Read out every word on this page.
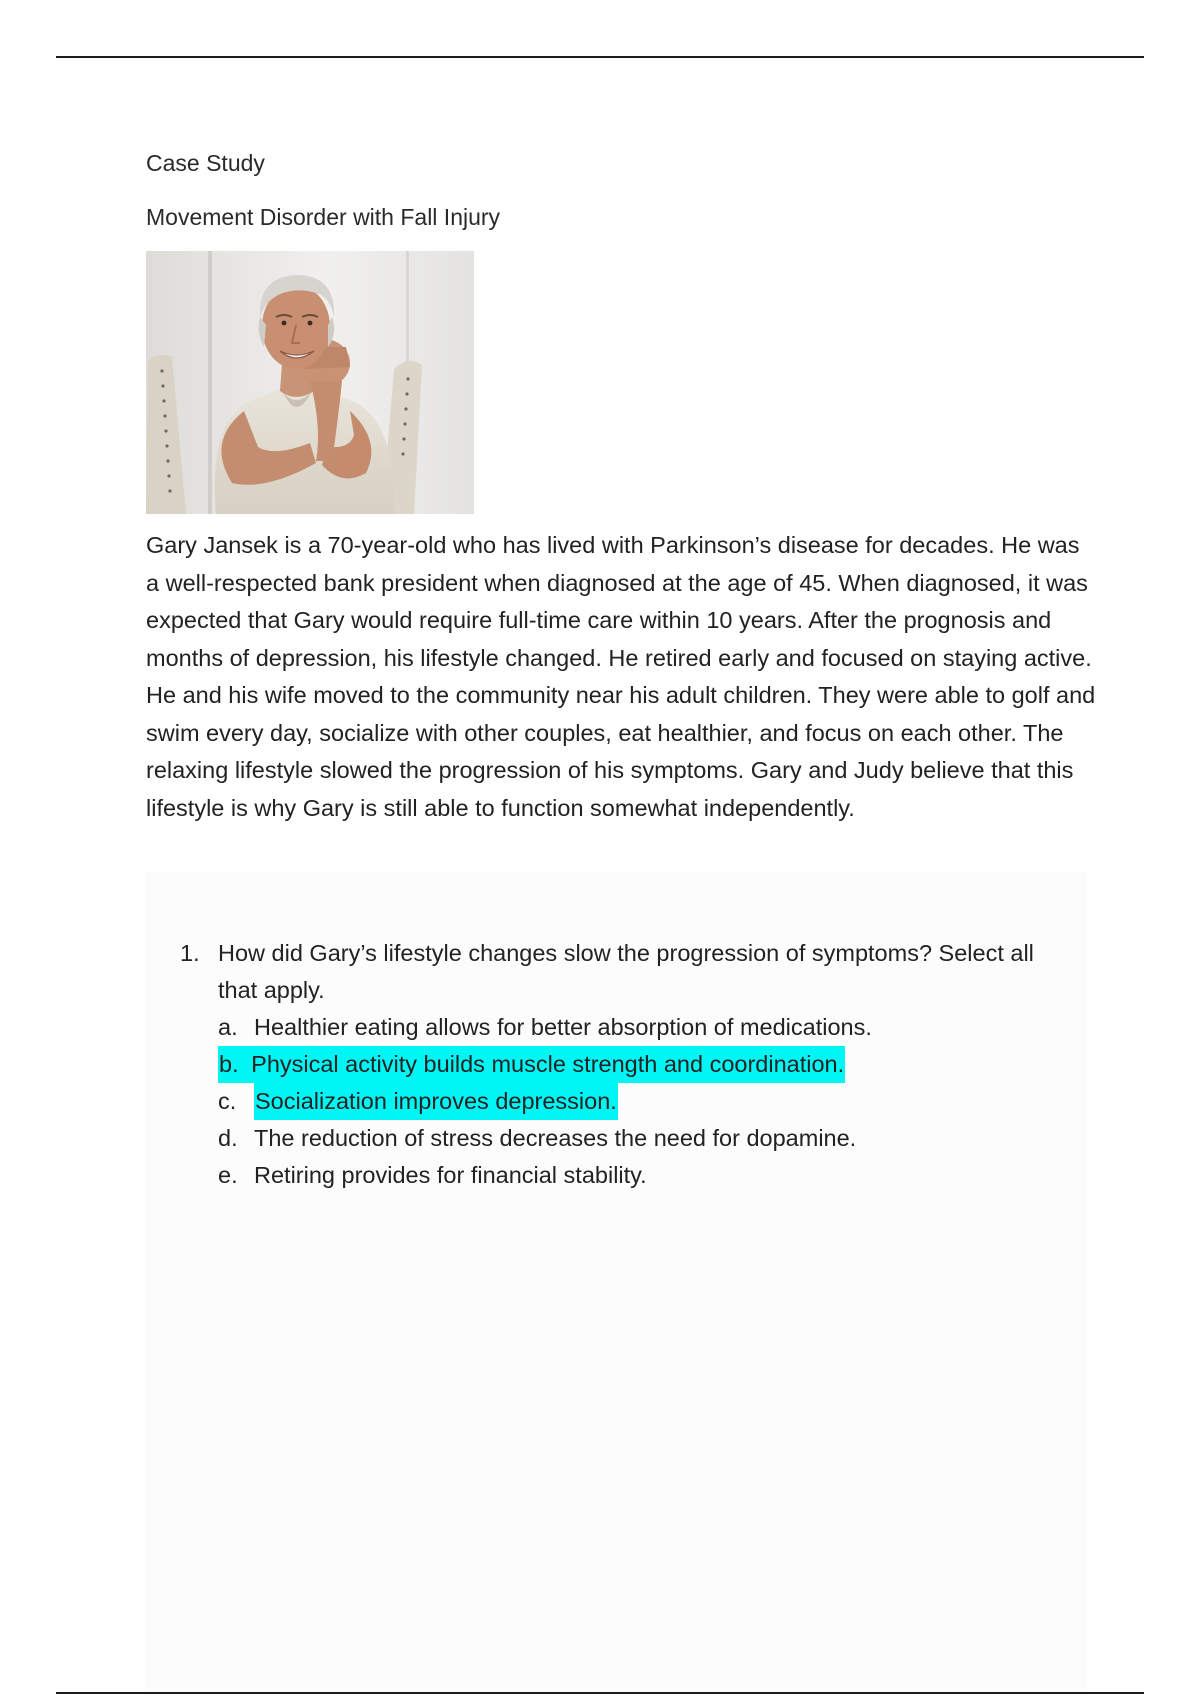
Case Study
Movement Disorder with Fall Injury

Gary Jansek is a 70-year-old who has lived with Parkinson’s disease for decades. He was a well-respected bank president when diagnosed at the age of 45. When diagnosed, it was expected that Gary would require full-time care within 10 years. After the prognosis and months of depression, his lifestyle changed. He retired early and focused on staying active. He and his wife moved to the community near his adult children. They were able to golf and swim every day, socialize with other couples, eat healthier, and focus on each other. The relaxing lifestyle slowed the progression of his symptoms. Gary and Judy believe that this lifestyle is why Gary is still able to function somewhat independently.

1. How did Gary’s lifestyle changes slow the progression of symptoms? Select all that apply.
a. Healthier eating allows for better absorption of medications.
b. Physical activity builds muscle strength and coordination.
c. Socialization improves depression.
d. The reduction of stress decreases the need for dopamine.
e. Retiring provides for financial stability.
